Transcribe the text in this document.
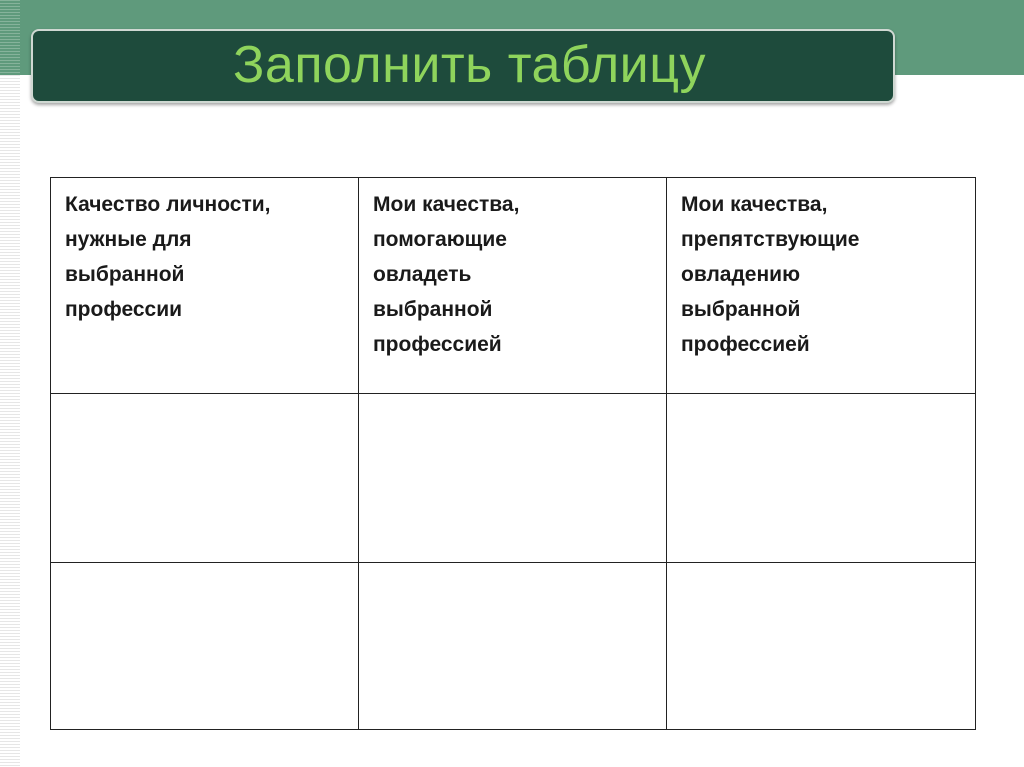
Заполнить таблицу
Качество личности,
нужные для
выбранной
профессии	Мои качества,
помогающие
овладеть
выбранной
профессией	Мои качества,
препятствующие
овладению
выбранной
профессией
